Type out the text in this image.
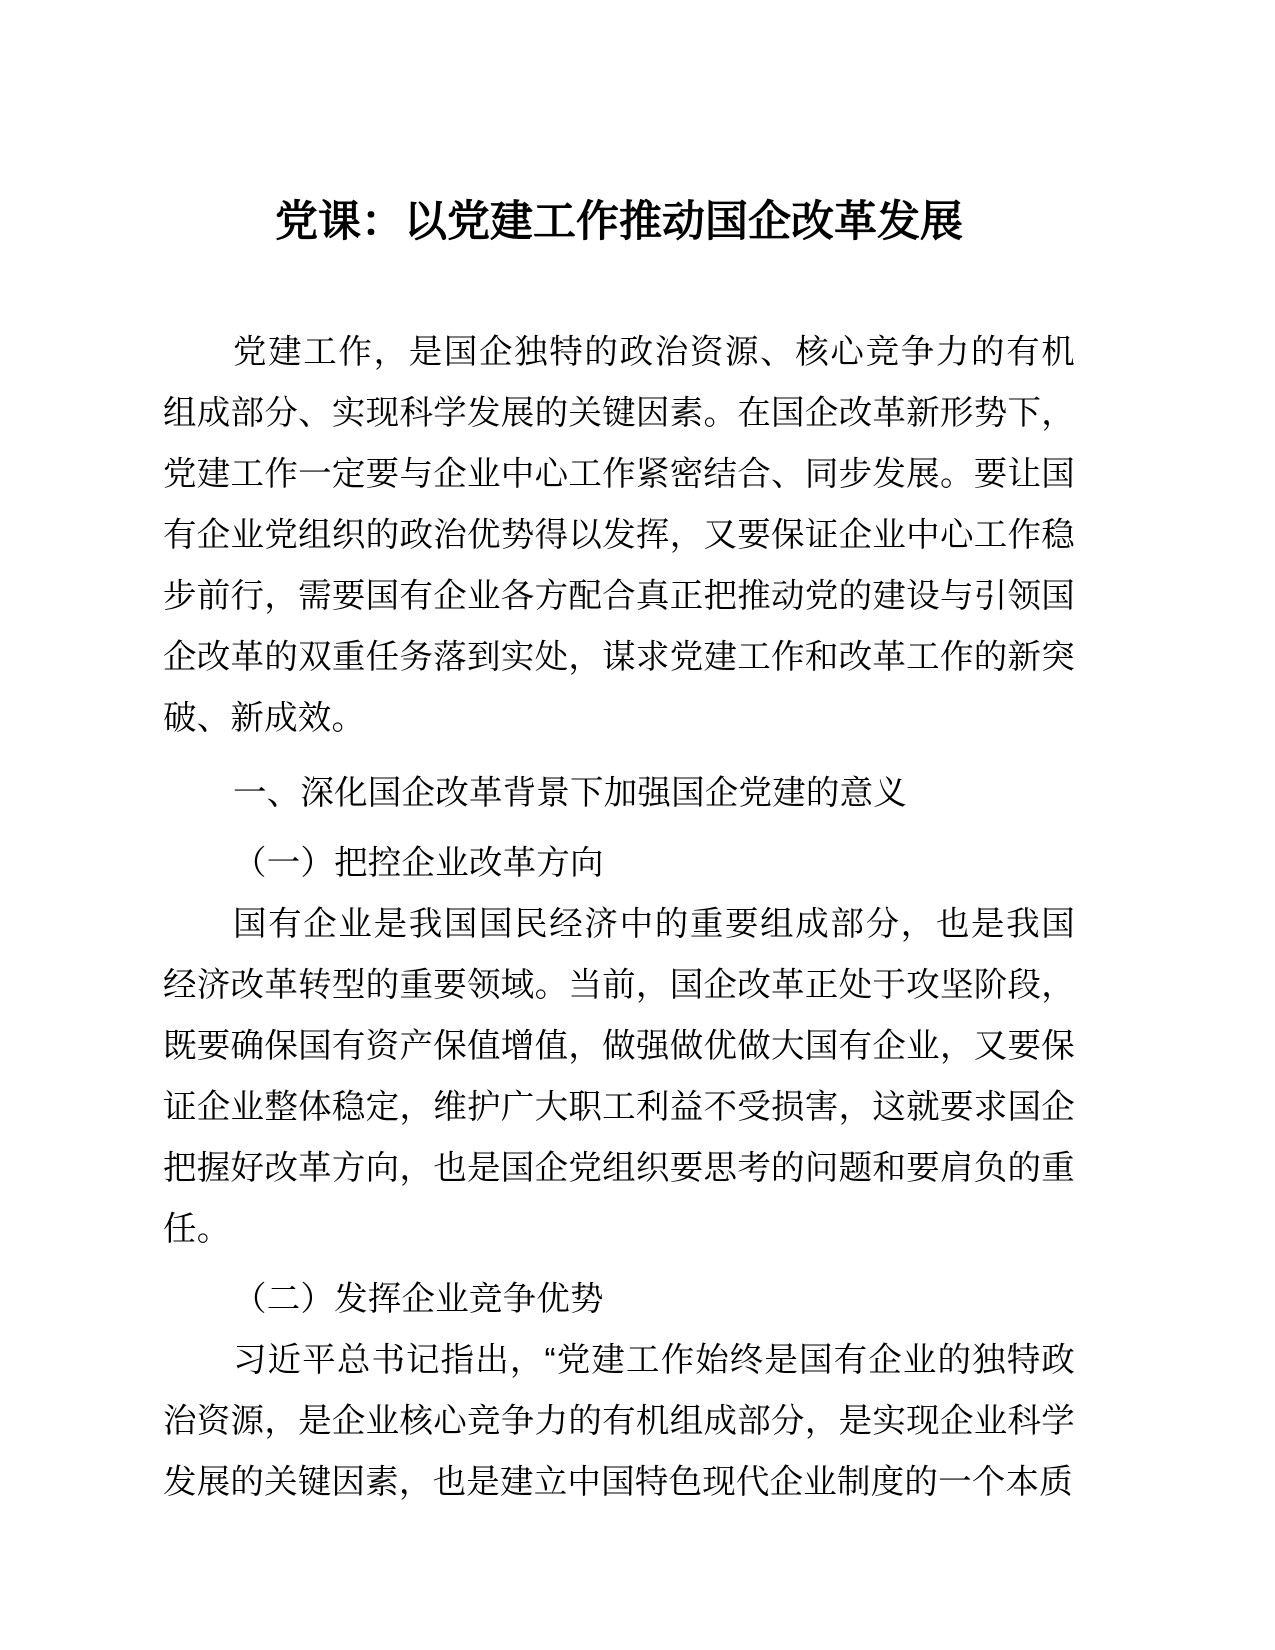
党课：以党建工作推动国企改革发展

党建工作，是国企独特的政治资源、核心竞争力的有机组成部分、实现科学发展的关键因素。在国企改革新形势下，党建工作一定要与企业中心工作紧密结合、同步发展。要让国有企业党组织的政治优势得以发挥，又要保证企业中心工作稳步前行，需要国有企业各方配合真正把推动党的建设与引领国企改革的双重任务落到实处，谋求党建工作和改革工作的新突破、新成效。

一、深化国企改革背景下加强国企党建的意义

（一）把控企业改革方向

国有企业是我国国民经济中的重要组成部分，也是我国经济改革转型的重要领域。当前，国企改革正处于攻坚阶段，既要确保国有资产保值增值，做强做优做大国有企业，又要保证企业整体稳定，维护广大职工利益不受损害，这就要求国企把握好改革方向，也是国企党组织要思考的问题和要肩负的重任。

（二）发挥企业竞争优势

习近平总书记指出，“党建工作始终是国有企业的独特政治资源，是企业核心竞争力的有机组成部分，是实现企业科学发展的关键因素，也是建立中国特色现代企业制度的一个本质
